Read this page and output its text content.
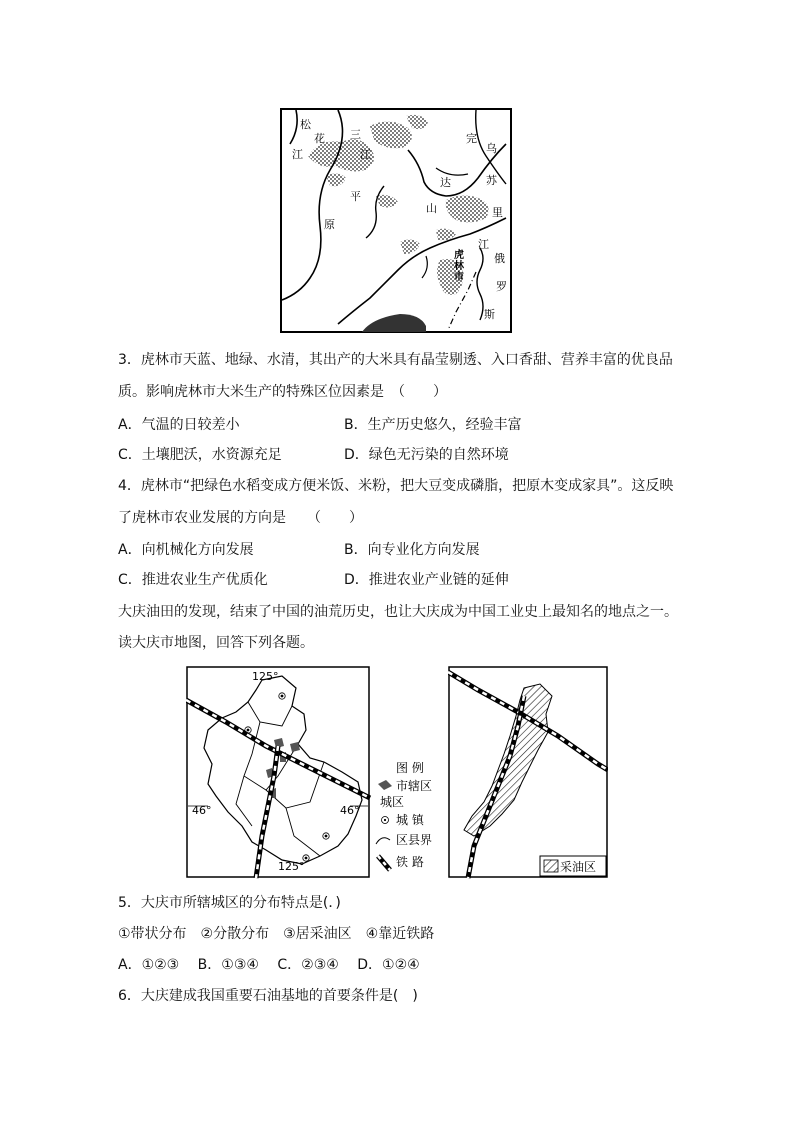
松
花
江
三
江
平
原
完
达
山
乌
苏
里
江
俄
罗
斯
虎
林
市
3．虎林市天蓝、地绿、水清，其出产的大米具有晶莹剔透、入口香甜、营养丰富的优良品
质。影响虎林市大米生产的特殊区位因素是　（　　）
A．气温的日较差小	B．生产历史悠久，经验丰富
C．土壤肥沃，水资源充足	D．绿色无污染的自然环境
4．虎林市“把绿色水稻变成方便米饭、米粉，把大豆变成磷脂，把原木变成家具”。这反映
了虎林市农业发展的方向是　　（　　）
A．向机械化方向发展	B．向专业化方向发展
C．推进农业生产优质化	D．推进农业产业链的延伸
大庆油田的发现，结束了中国的油荒历史，也让大庆成为中国工业史上最知名的地点之一。
读大庆市地图，回答下列各题。
125°
125°
46°	46°
图 例
市辖区
城区
城 镇
区县界
铁 路	采油区
5．大庆市所辖城区的分布特点是(．)
①带状分布　②分散分布　③居采油区　④靠近铁路
A．①②③　 B．①③④　 C．②③④　 D．①②④
6．大庆建成我国重要石油基地的首要条件是(　)
